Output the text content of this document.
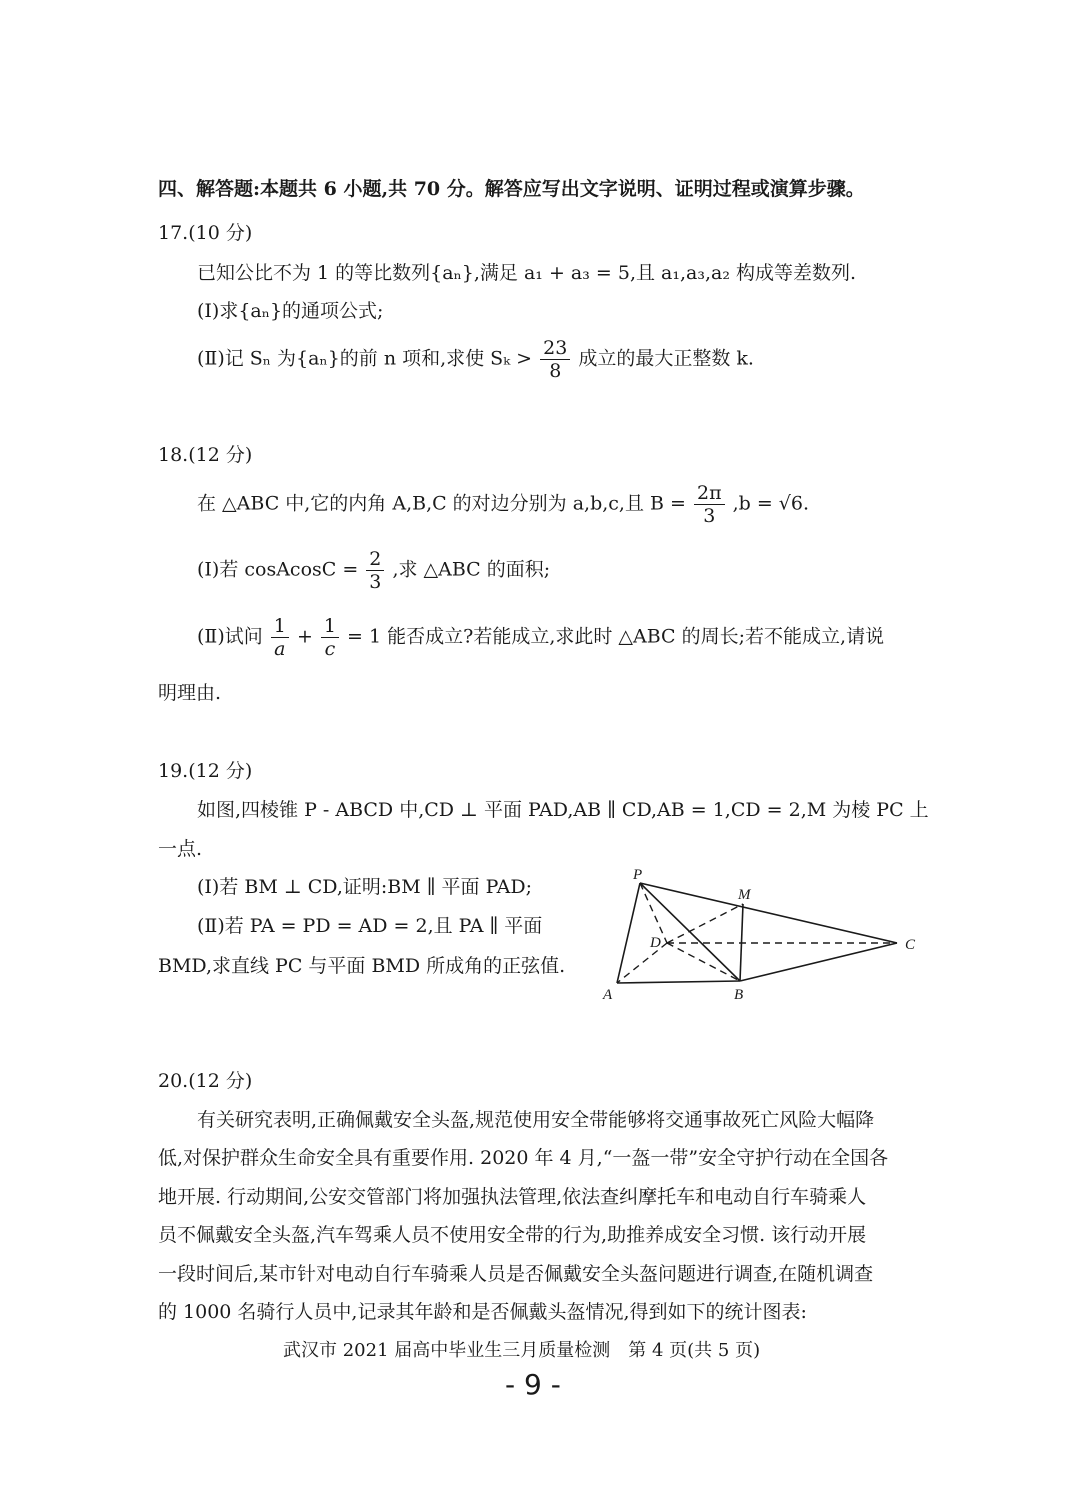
四、解答题:本题共 6 小题,共 70 分。解答应写出文字说明、证明过程或演算步骤。
17.(10 分)
已知公比不为 1 的等比数列{aₙ},满足 a₁ + a₃ = 5,且 a₁,a₃,a₂ 构成等差数列.
(Ⅰ)求{aₙ}的通项公式;
(Ⅱ)记 Sₙ 为{aₙ}的前 n 项和,求使 $S_k > \frac{23}{8}$ 成立的最大正整数 k.
18.(12 分)
在 △ABC 中,它的内角 A,B,C 的对边分别为 a,b,c,且 $B = \frac{2\pi}{3} ,b = √6$.
(Ⅰ)若 cosAcosC = $\frac{2}{3}$ ,求 △ABC 的面积;
(Ⅱ)试问 $\frac{1}{a} + \frac{1}{c} = 1$ 能否成立?若能成立,求此时 △ABC 的周长;若不能成立,请说
明理由.
19.(12 分)
如图,四棱锥 P - ABCD 中,CD ⊥ 平面 PAD,AB ∥ CD,AB = 1,CD = 2,M 为棱 PC 上
一点.
(Ⅰ)若 BM ⊥ CD,证明:BM ∥ 平面 PAD;
(Ⅱ)若 PA = PD = AD = 2,且 PA ∥ 平面
BMD,求直线 PC 与平面 BMD 所成角的正弦值.
P
M
D	C
A	B
20.(12 分)
有关研究表明,正确佩戴安全头盔,规范使用安全带能够将交通事故死亡风险大幅降
低,对保护群众生命安全具有重要作用. 2020 年 4 月,“一盔一带”安全守护行动在全国各
地开展. 行动期间,公安交管部门将加强执法管理,依法查纠摩托车和电动自行车骑乘人
员不佩戴安全头盔,汽车驾乘人员不使用安全带的行为,助推养成安全习惯. 该行动开展
一段时间后,某市针对电动自行车骑乘人员是否佩戴安全头盔问题进行调查,在随机调查
的 1000 名骑行人员中,记录其年龄和是否佩戴头盔情况,得到如下的统计图表:
武汉市 2021 届高中毕业生三月质量检测　第 4 页(共 5 页)
- 9 -
